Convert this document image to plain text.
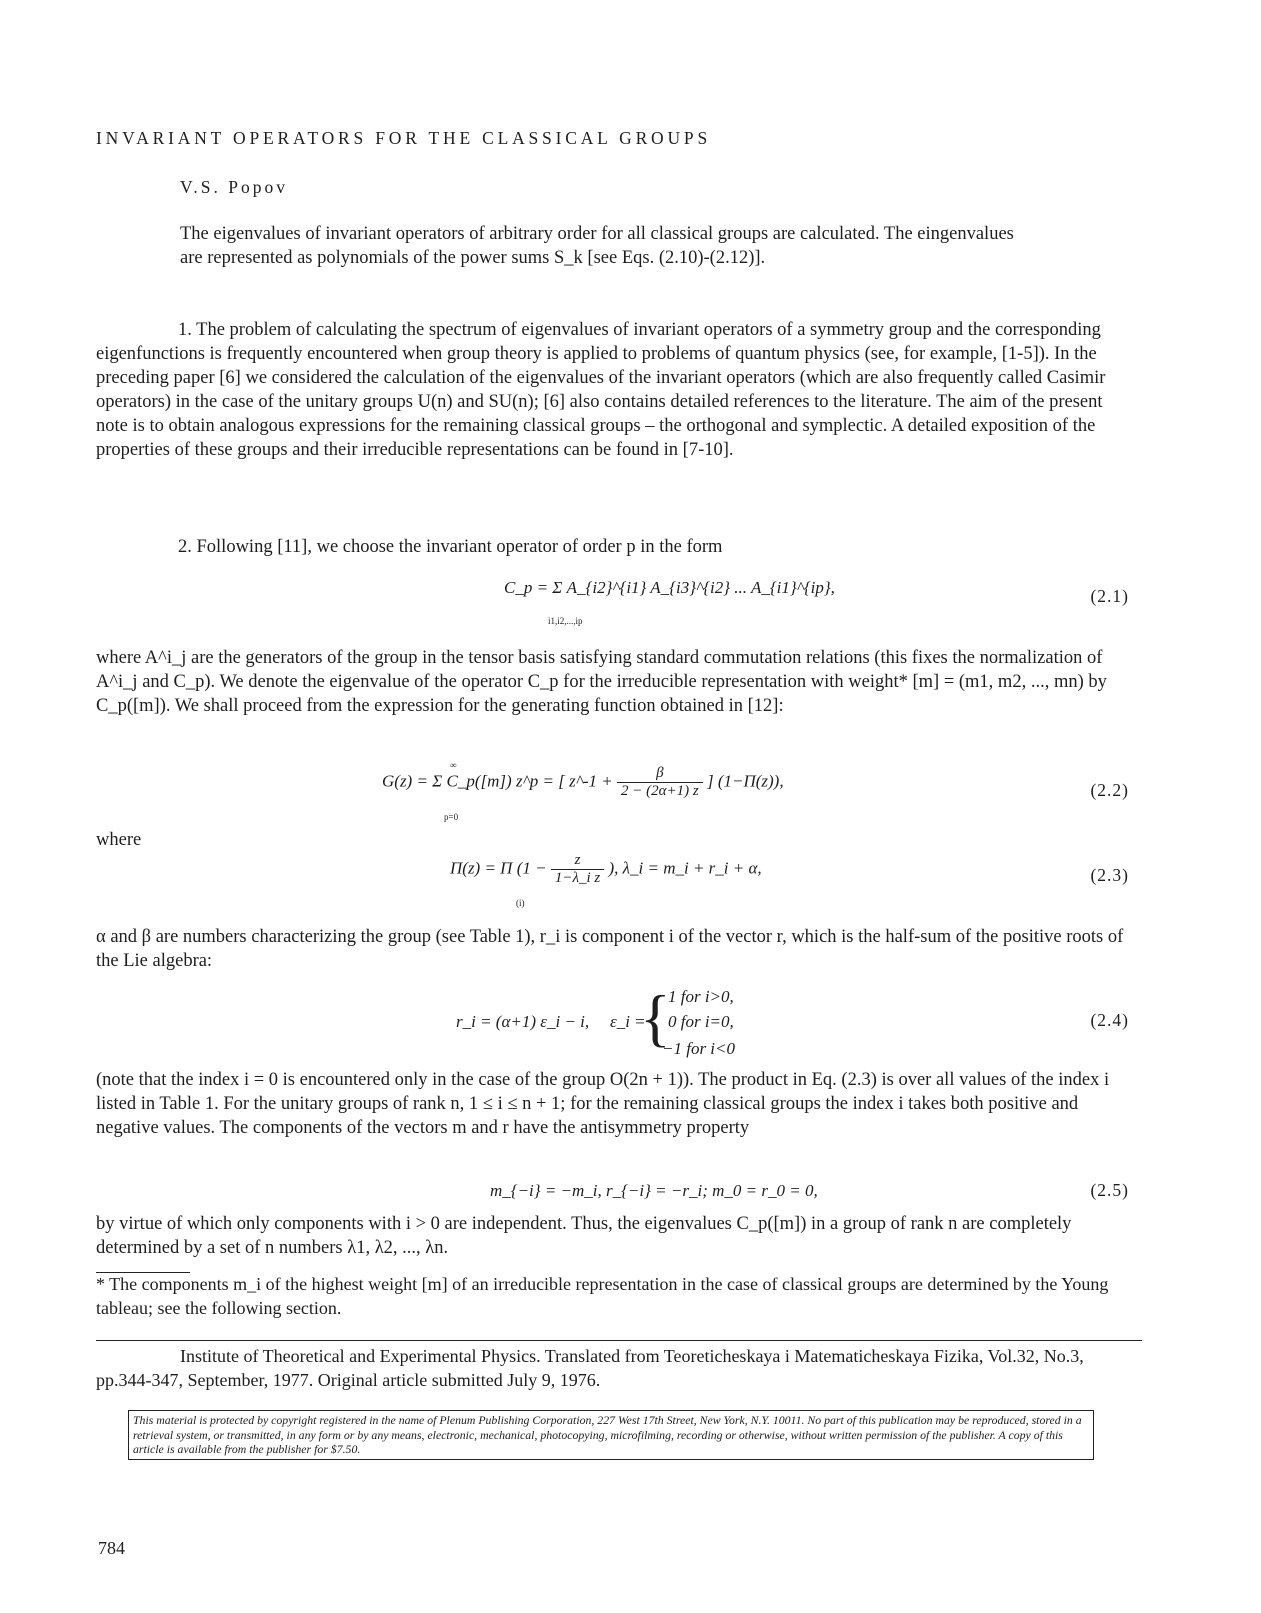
INVARIANT OPERATORS FOR THE CLASSICAL GROUPS
V.S. Popov
The eigenvalues of invariant operators of arbitrary order for all classical groups are calculated. The eingenvalues are represented as polynomials of the power sums S_k [see Eqs. (2.10)-(2.12)].
1. The problem of calculating the spectrum of eigenvalues of invariant operators of a symmetry group and the corresponding eigenfunctions is frequently encountered when group theory is applied to problems of quantum physics (see, for example, [1-5]). In the preceding paper [6] we considered the calculation of the eigenvalues of the invariant operators (which are also frequently called Casimir operators) in the case of the unitary groups U(n) and SU(n); [6] also contains detailed references to the literature. The aim of the present note is to obtain analogous expressions for the remaining classical groups – the orthogonal and symplectic. A detailed exposition of the properties of these groups and their irreducible representations can be found in [7-10].
2. Following [11], we choose the invariant operator of order p in the form
C_p = Σ A_{i2}^{i1} A_{i3}^{i2} ... A_{i1}^{ip},
i1,i2,...,ip
(2.1)
where A^i_j are the generators of the group in the tensor basis satisfying standard commutation relations (this fixes the normalization of A^i_j and C_p). We denote the eigenvalue of the operator C_p for the irreducible representation with weight* [m] = (m1, m2, ..., mn) by C_p([m]). We shall proceed from the expression for the generating function obtained in [12]:
G(z) = Σ C_p([m]) z^p = [ z^-1 + $\frac{\beta}{2 - (2\alpha+1) z}$ ] (1−Π(z)),
∞
p=0
(2.2)
where
Π(z) = Π ($1 - \frac{z}{\text{1−λ\_i z}}$ ), λ_i = m_i + r_i + α,
(i)
(2.3)
α and β are numbers characterizing the group (see Table 1), r_i is component i of the vector r, which is the half-sum of the positive roots of the Lie algebra:
r_i = (α+1) ε_i − i, ε_i =
{
1 for i>0,
0 for i=0,
−1 for i<0
(2.4)
(note that the index i = 0 is encountered only in the case of the group O(2n + 1)). The product in Eq. (2.3) is over all values of the index i listed in Table 1. For the unitary groups of rank n, 1 ≤ i ≤ n + 1; for the remaining classical groups the index i takes both positive and negative values. The components of the vectors m and r have the antisymmetry property
m_{−i} = −m_i, r_{−i} = −r_i; m_0 = r_0 = 0,	(2.5)
by virtue of which only components with i > 0 are independent. Thus, the eigenvalues C_p([m]) in a group of rank n are completely determined by a set of n numbers λ1, λ2, ..., λn.
* The components m_i of the highest weight [m] of an irreducible representation in the case of classical groups are determined by the Young tableau; see the following section.
Institute of Theoretical and Experimental Physics. Translated from Teoreticheskaya i Matematicheskaya Fizika, Vol.32, No.3, pp.344-347, September, 1977. Original article submitted July 9, 1976.
This material is protected by copyright registered in the name of Plenum Publishing Corporation, 227 West 17th Street, New York, N.Y. 10011. No part of this publication may be reproduced, stored in a retrieval system, or transmitted, in any form or by any means, electronic, mechanical, photocopying, microfilming, recording or otherwise, without written permission of the publisher. A copy of this article is available from the publisher for $7.50.
784
